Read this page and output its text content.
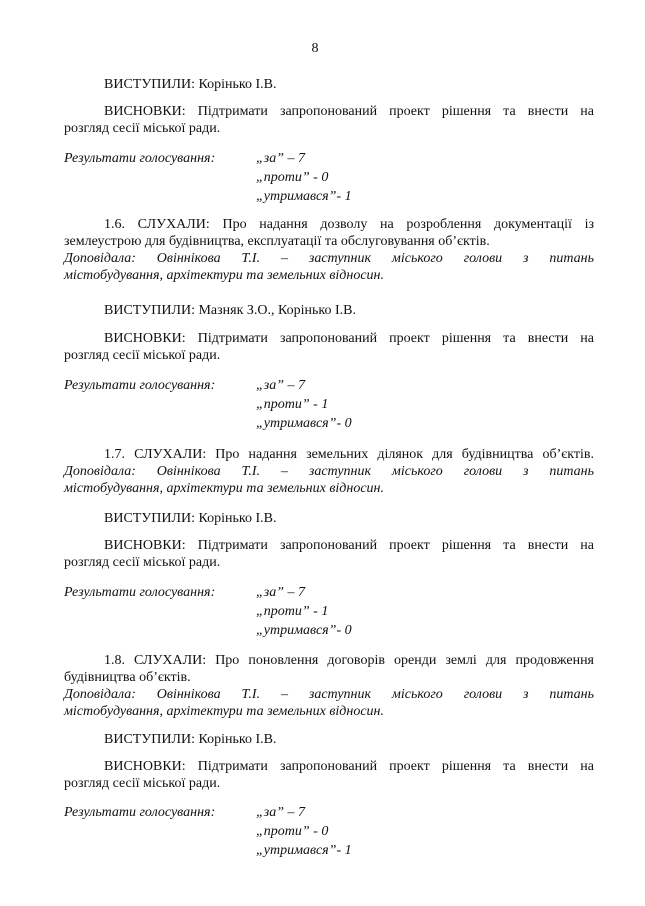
8
ВИСТУПИЛИ: Корінько І.В.
ВИСНОВКИ: Підтримати запропонований проект рішення та внести на
розгляд сесії міської ради.
Результати голосування:	„за” – 7
„проти” - 0
„утримався”- 1
1.6. СЛУХАЛИ: Про надання дозволу на розроблення документації із
землеустрою для будівництва, експлуатації та обслуговування об’єктів.
Доповідала: Овіннікова Т.І. – заступник міського голови з питань
містобудування, архітектури та земельних відносин.
ВИСТУПИЛИ: Мазняк З.О., Корінько І.В.
ВИСНОВКИ: Підтримати запропонований проект рішення та внести на
розгляд сесії міської ради.
Результати голосування:	„за” – 7
„проти” - 1
„утримався”- 0
1.7. СЛУХАЛИ: Про надання земельних ділянок для будівництва об’єктів.
Доповідала: Овіннікова Т.І. – заступник міського голови з питань
містобудування, архітектури та земельних відносин.
ВИСТУПИЛИ: Корінько І.В.
ВИСНОВКИ: Підтримати запропонований проект рішення та внести на
розгляд сесії міської ради.
Результати голосування:	„за” – 7
„проти” - 1
„утримався”- 0
1.8. СЛУХАЛИ: Про поновлення договорів оренди землі для продовження
будівництва об’єктів.
Доповідала: Овіннікова Т.І. – заступник міського голови з питань
містобудування, архітектури та земельних відносин.
ВИСТУПИЛИ: Корінько І.В.
ВИСНОВКИ: Підтримати запропонований проект рішення та внести на
розгляд сесії міської ради.
Результати голосування:	„за” – 7
„проти” - 0
„утримався”- 1
